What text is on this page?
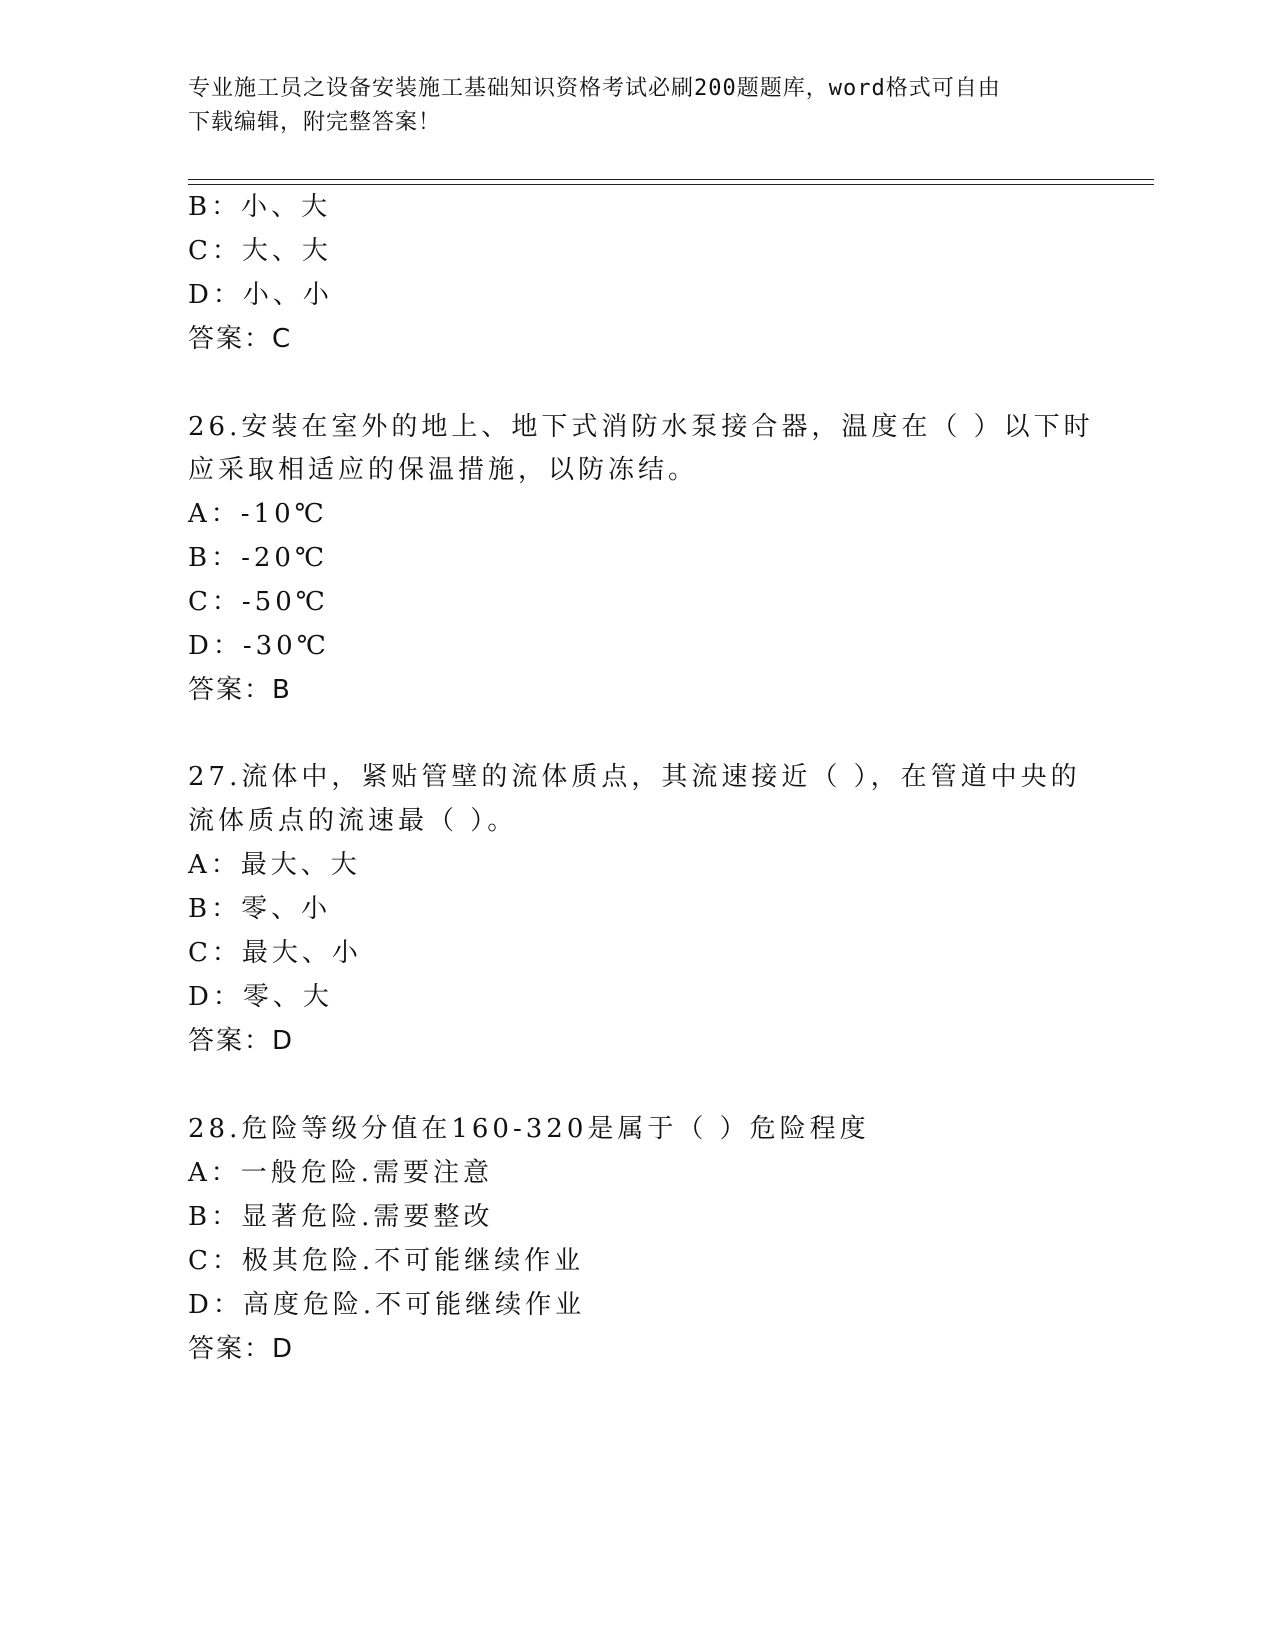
专业施工员之设备安装施工基础知识资格考试必刷200题题库，word格式可自由
下载编辑，附完整答案！
B：小、大
C：大、大
D：小、小
答案：C
26.安装在室外的地上、地下式消防水泵接合器，温度在（ ）以下时
应采取相适应的保温措施，以防冻结。
A：-10℃
B：-20℃
C：-50℃
D：-30℃
答案：B
27.流体中，紧贴管壁的流体质点，其流速接近（ ），在管道中央的
流体质点的流速最（ ）。
A：最大、大
B：零、小
C：最大、小
D：零、大
答案：D
28.危险等级分值在160-320是属于（ ）危险程度
A：一般危险.需要注意
B：显著危险.需要整改
C：极其危险.不可能继续作业
D：高度危险.不可能继续作业
答案：D
